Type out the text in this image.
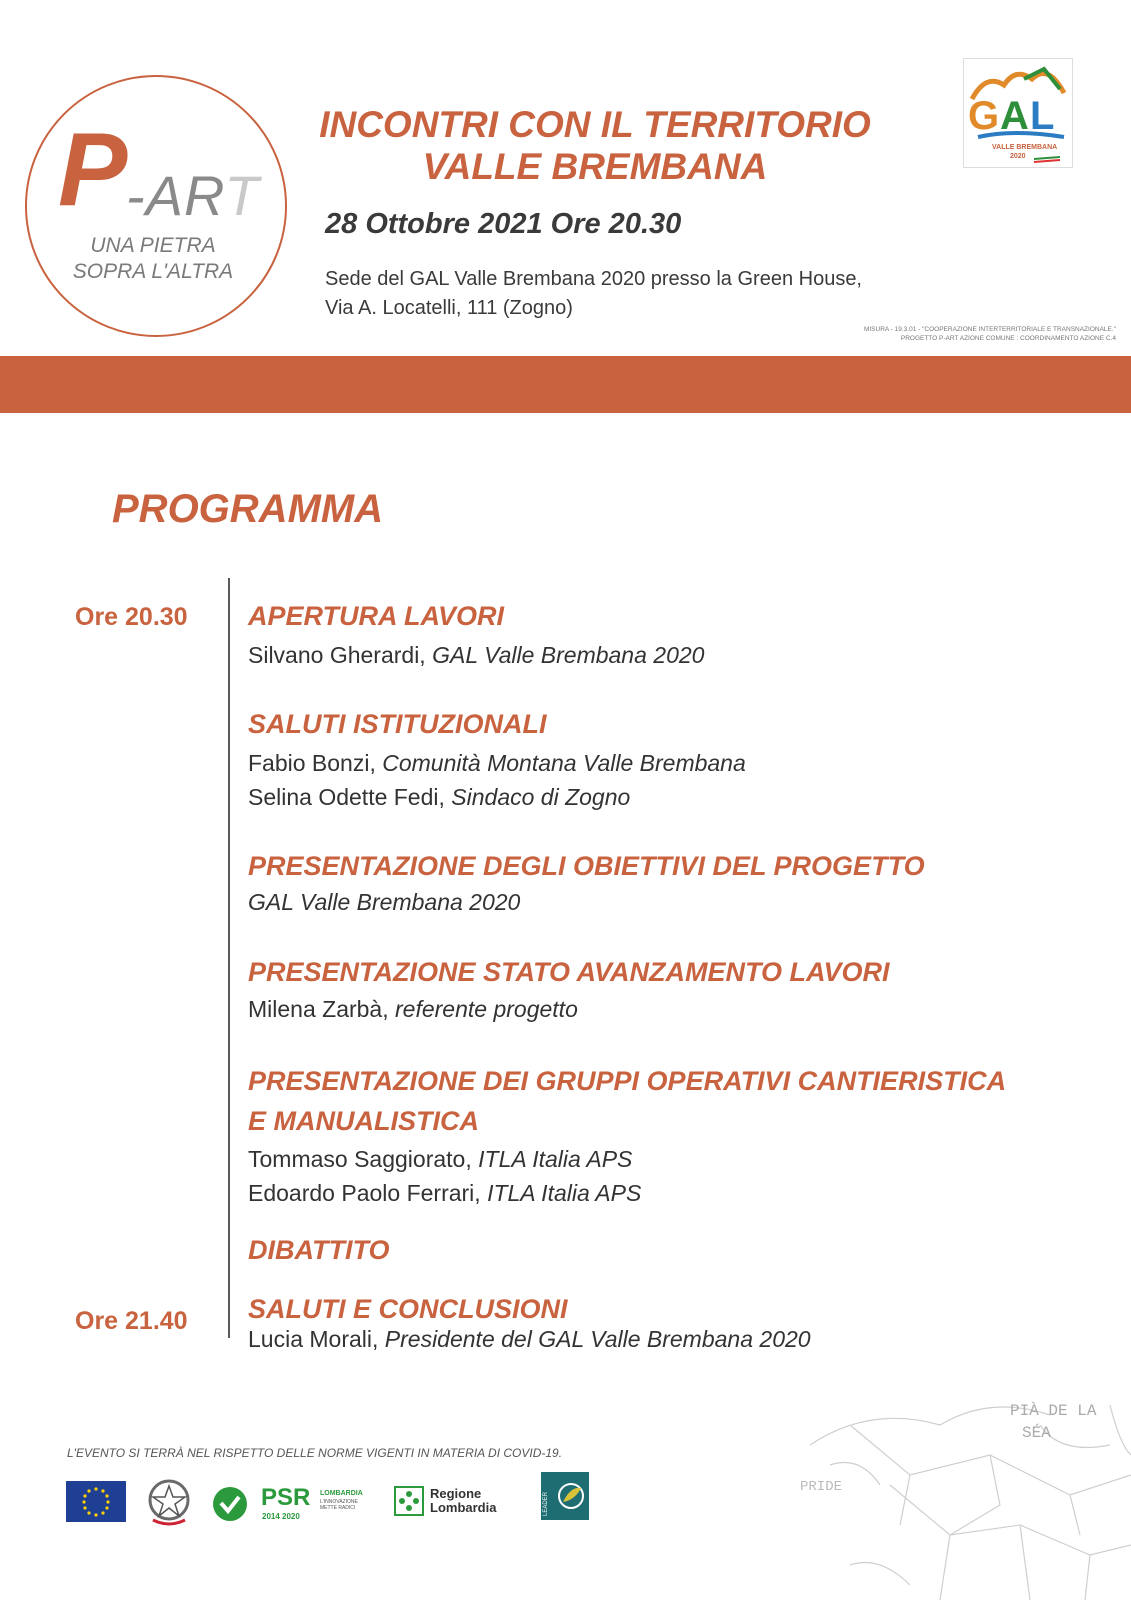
P
-ART
UNA PIETRA
SOPRA L'ALTRA
INCONTRI CON IL TERRITORIO
VALLE BREMBANA
28 Ottobre 2021 Ore 20.30
Sede del GAL Valle Brembana 2020 presso la Green House,
Via A. Locatelli, 111 (Zogno)
MISURA - 19.3.01 - "COOPERAZIONE INTERTERRITORIALE E TRANSNAZIONALE."
PROGETTO P-ART AZIONE COMUNE : COORDINAMENTO AZIONE C.4
G A L
VALLE BREMBANA
2020
PROGRAMMA
Ore 20.30
Ore 21.40
APERTURA LAVORI
Silvano Gherardi, GAL Valle Brembana 2020
SALUTI ISTITUZIONALI
Fabio Bonzi, Comunità Montana Valle Brembana
Selina Odette Fedi, Sindaco di Zogno
PRESENTAZIONE DEGLI OBIETTIVI DEL PROGETTO
GAL Valle Brembana 2020
PRESENTAZIONE STATO AVANZAMENTO LAVORI
Milena Zarbà, referente progetto
PRESENTAZIONE DEI GRUPPI OPERATIVI CANTIERISTICA
E MANUALISTICA
Tommaso Saggiorato, ITLA Italia APS
Edoardo Paolo Ferrari, ITLA Italia APS
DIBATTITO
SALUTI E CONCLUSIONI
Lucia Morali, Presidente del GAL Valle Brembana 2020
L'EVENTO SI TERRÀ NEL RISPETTO DELLE NORME VIGENTI IN MATERIA DI COVID-19.
PSR
2014 2020
LOMBARDIA
L'INNOVAZIONE
METTE RADICI
Regione
Lombardia	LEADER
PIÀ DE LA
SÉA
PRIDE
